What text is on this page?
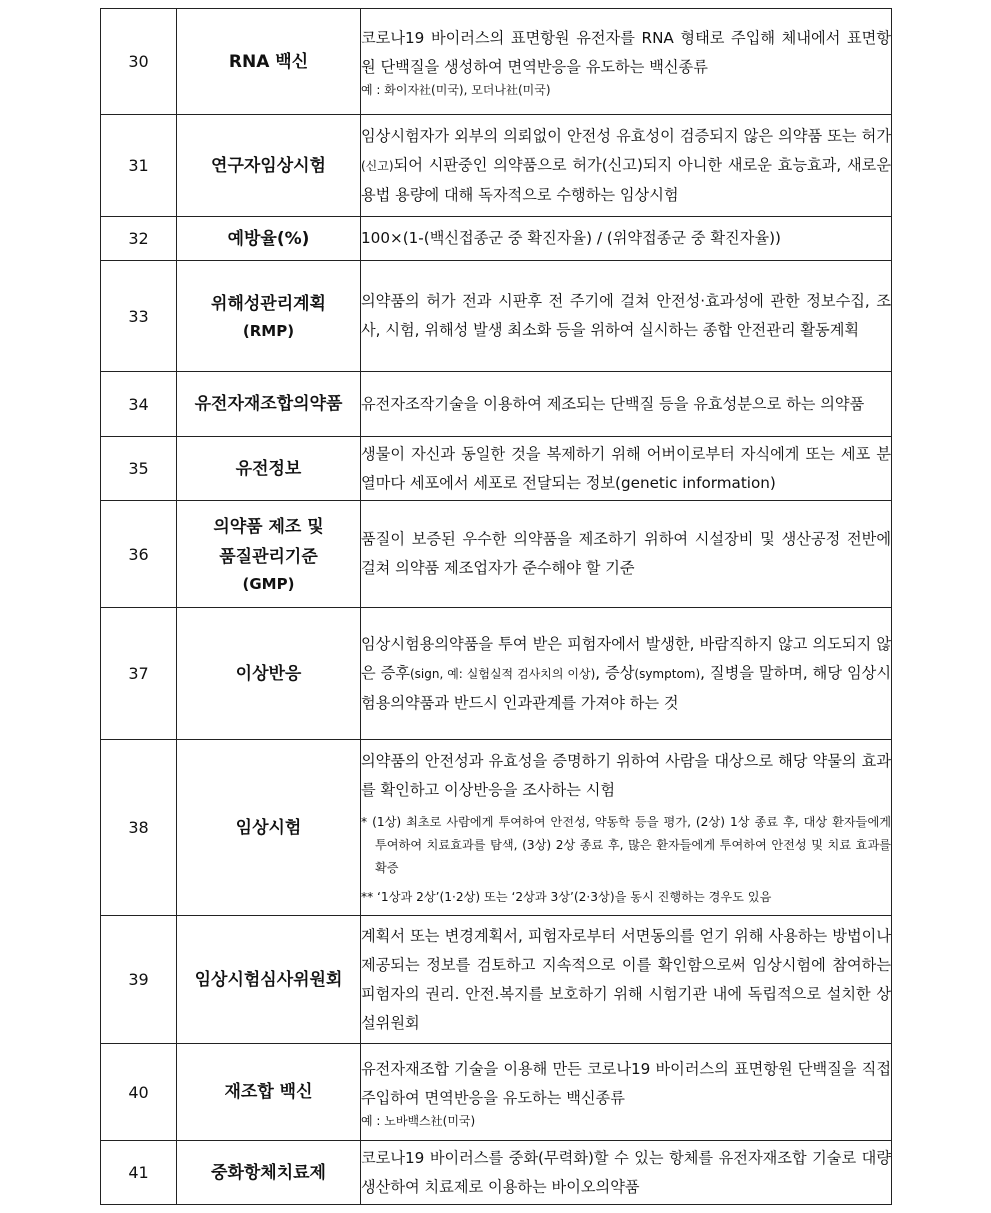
30	RNA 백신	코로나19 바이러스의 표면항원 유전자를 RNA 형태로 주입해 체내에서 표면항원 단백질을 생성하여 면역반응을 유도하는 백신종류
예 : 화이자社(미국), 모더나社(미국)

31	연구자임상시험	임상시험자가 외부의 의뢰없이 안전성 유효성이 검증되지 않은 의약품 또는 허가(신고)되어 시판중인 의약품으로 허가(신고)되지 아니한 새로운 효능효과, 새로운 용법 용량에 대해 독자적으로 수행하는 임상시험
32	예방율(%)	100×(1-(백신접종군 중 확진자율) / (위약접종군 중 확진자율))
33	위해성관리계획
(RMP)	의약품의 허가 전과 시판후 전 주기에 걸쳐 안전성·효과성에 관한 정보수집, 조사, 시험, 위해성 발생 최소화 등을 위하여 실시하는 종합 안전관리 활동계획
34	유전자재조합의약품	유전자조작기술을 이용하여 제조되는 단백질 등을 유효성분으로 하는 의약품
35	유전정보	생물이 자신과 동일한 것을 복제하기 위해 어버이로부터 자식에게 또는 세포 분열마다 세포에서 세포로 전달되는 정보(genetic information)
36	의약품 제조 및
품질관리기준
(GMP)	품질이 보증된 우수한 의약품을 제조하기 위하여 시설장비 및 생산공정 전반에 걸쳐 의약품 제조업자가 준수해야 할 기준
37	이상반응	임상시험용의약품을 투여 받은 피험자에서 발생한, 바람직하지 않고 의도되지 않은 증후(sign, 예: 실험실적 검사치의 이상), 증상(symptom), 질병을 말하며, 해당 임상시험용의약품과 반드시 인과관계를 가져야 하는 것
38	임상시험	의약품의 안전성과 유효성을 증명하기 위하여 사람을 대상으로 해당 약물의 효과를 확인하고 이상반응을 조사하는 시험
* (1상) 최초로 사람에게 투여하여 안전성, 약동학 등을 평가, (2상) 1상 종료 후, 대상 환자들에게 투여하여 치료효과를 탐색, (3상) 2상 종료 후, 많은 환자들에게 투여하여 안전성 및 치료 효과를 확증
** ‘1상과 2상’(1·2상) 또는 ‘2상과 3상’(2·3상)을 동시 진행하는 경우도 있음

39	임상시험심사위원회	계획서 또는 변경계획서, 피험자로부터 서면동의를 얻기 위해 사용하는 방법이나 제공되는 정보를 검토하고 지속적으로 이를 확인함으로써 임상시험에 참여하는 피험자의 권리. 안전.복지를 보호하기 위해 시험기관 내에 독립적으로 설치한 상설위원회
40	재조합 백신	유전자재조합 기술을 이용해 만든 코로나19 바이러스의 표면항원 단백질을 직접 주입하여 면역반응을 유도하는 백신종류
예 : 노바백스社(미국)

41	중화항체치료제	코로나19 바이러스를 중화(무력화)할 수 있는 항체를 유전자재조합 기술로 대량 생산하여 치료제로 이용하는 바이오의약품
